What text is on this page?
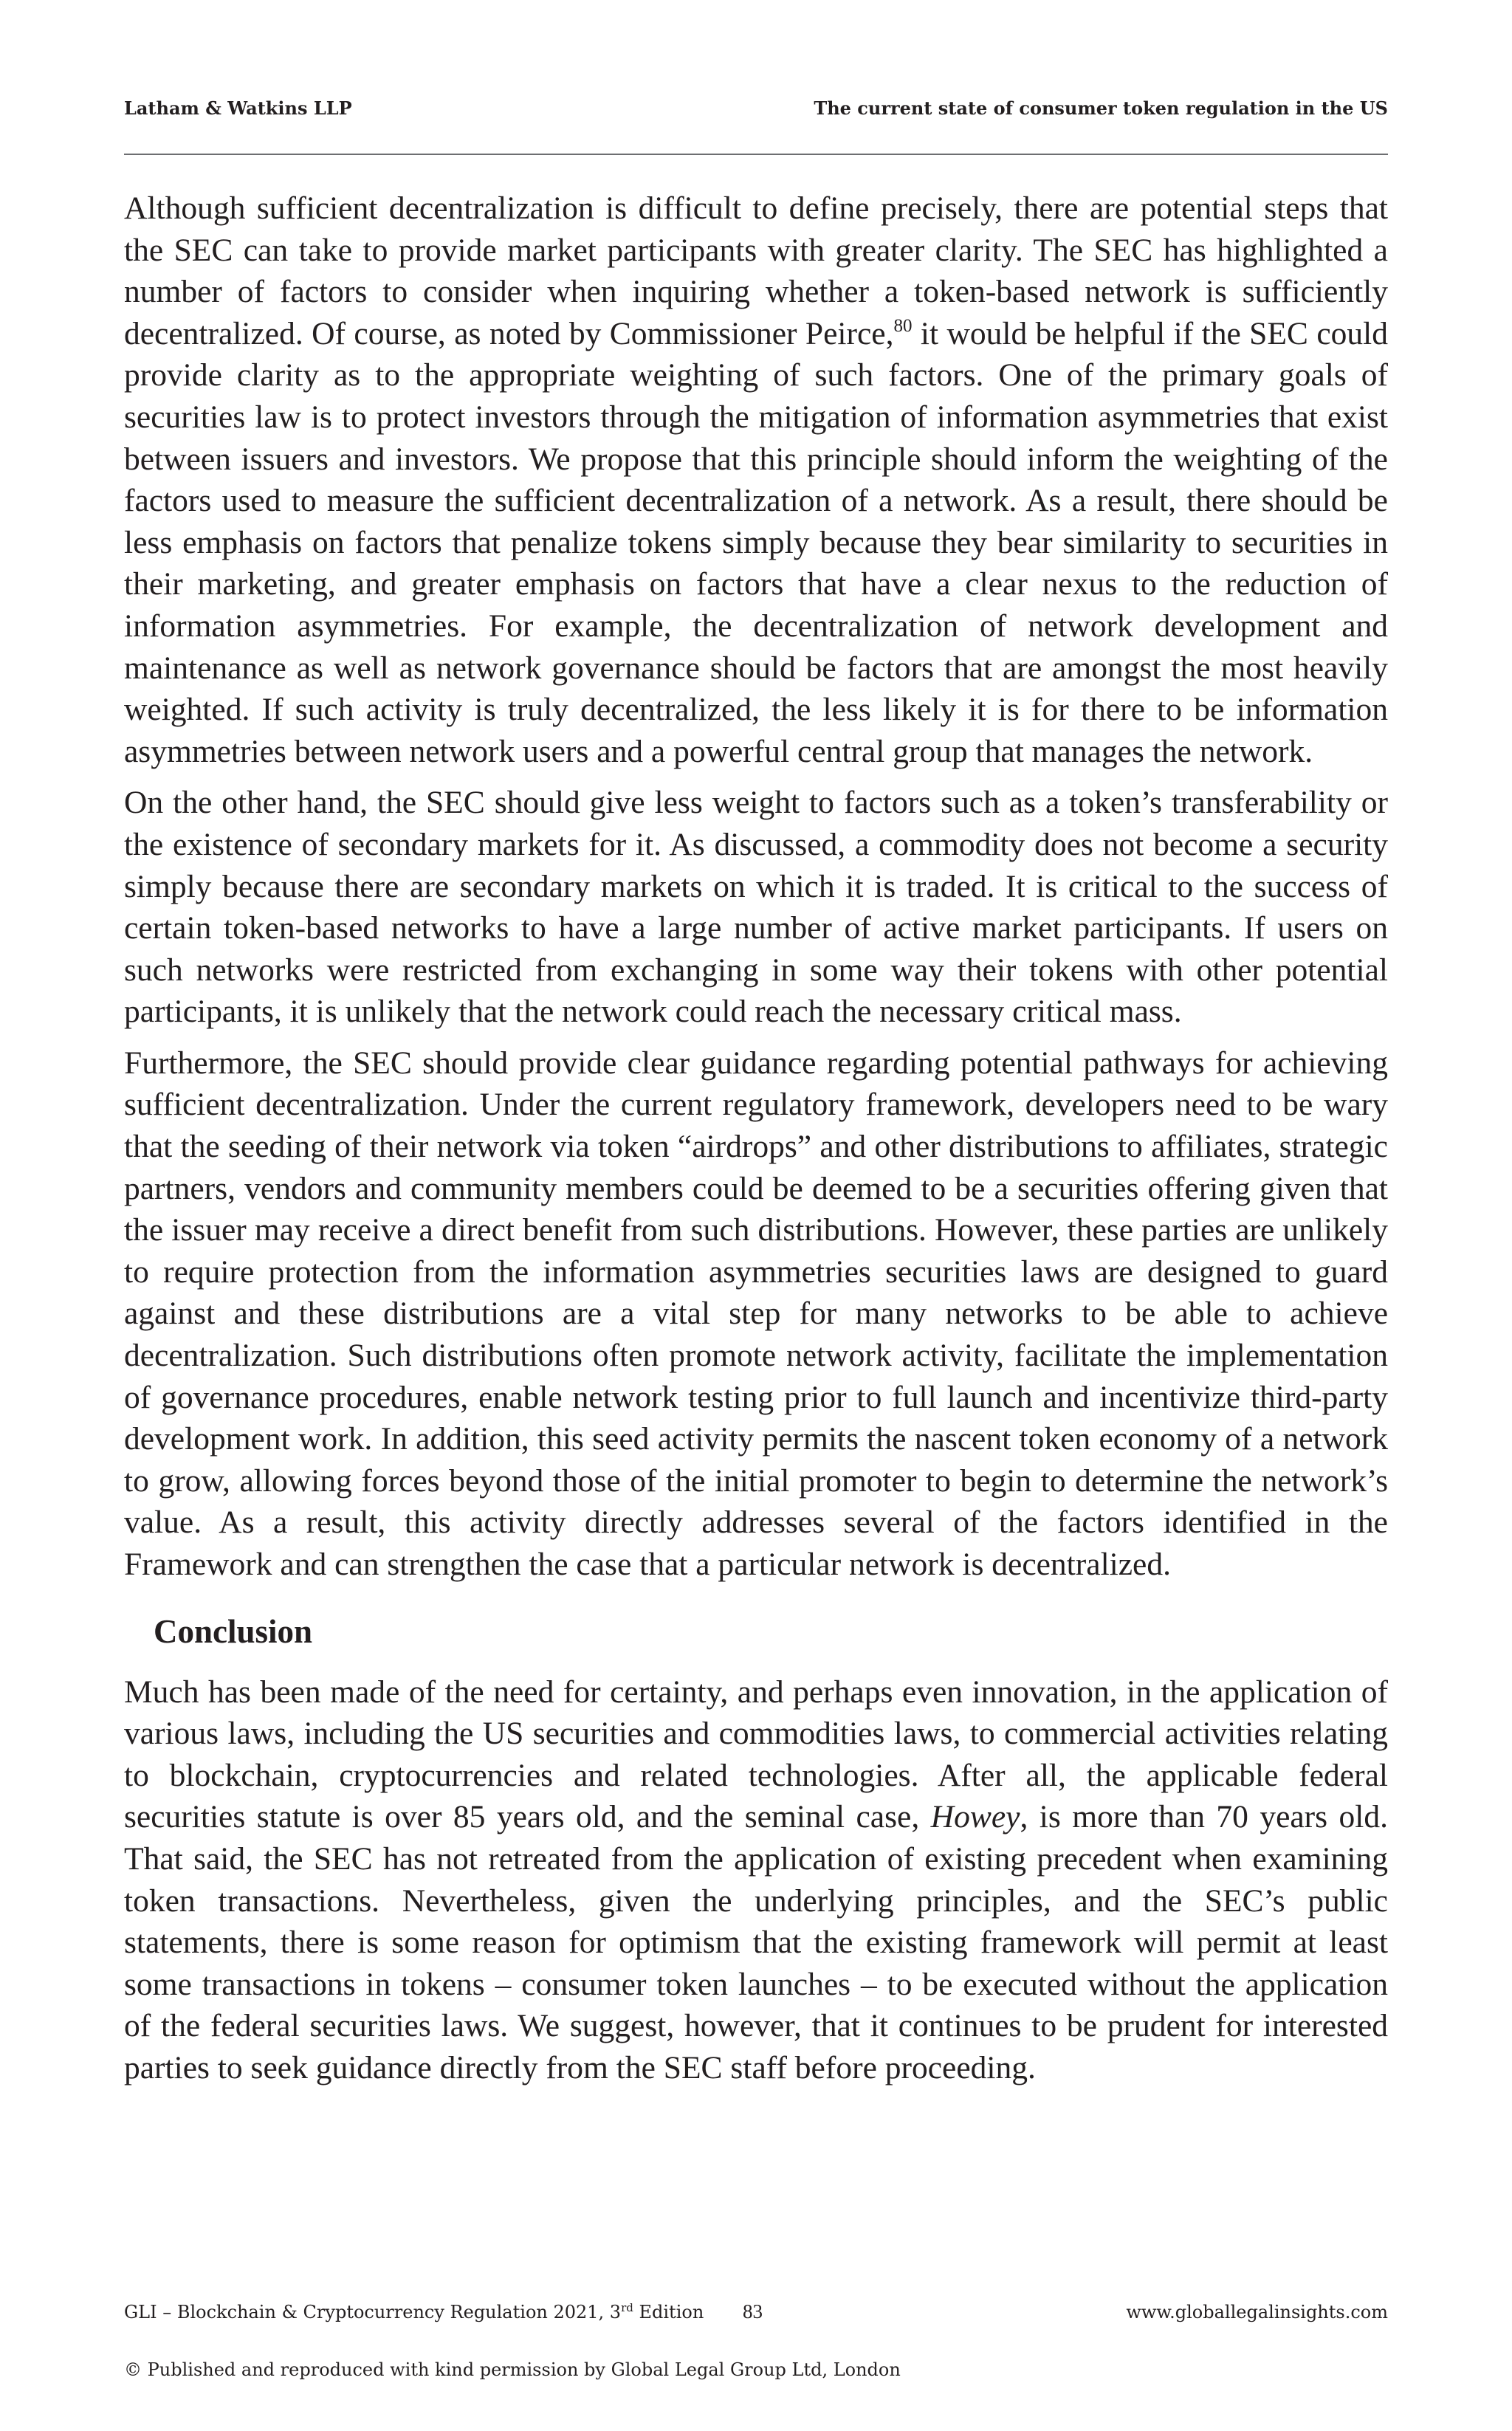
Latham & Watkins LLP	The current state of consumer token regulation in the US

Although sufficient decentralization is difficult to define precisely, there are potential steps that the SEC can take to provide market participants with greater clarity. The SEC has highlighted a number of factors to consider when inquiring whether a token-based network is sufficiently decentralized. Of course, as noted by Commissioner Peirce,$^{80}$ it would be helpful if the SEC could provide clarity as to the appropriate weighting of such factors. One of the primary goals of securities law is to protect investors through the mitigation of information asymmetries that exist between issuers and investors. We propose that this principle should inform the weighting of the factors used to measure the sufficient decentralization of a network. As a result, there should be less emphasis on factors that penalize tokens simply because they bear similarity to securities in their marketing, and greater emphasis on factors that have a clear nexus to the reduction of information asymmetries. For example, the decentralization of network development and maintenance as well as network governance should be factors that are amongst the most heavily weighted. If such activity is truly decentralized, the less likely it is for there to be information asymmetries between network users and a powerful central group that manages the network.

On the other hand, the SEC should give less weight to factors such as a token’s transferability or the existence of secondary markets for it. As discussed, a commodity does not become a security simply because there are secondary markets on which it is traded. It is critical to the success of certain token-based networks to have a large number of active market participants. If users on such networks were restricted from exchanging in some way their tokens with other potential participants, it is unlikely that the network could reach the necessary critical mass.

Furthermore, the SEC should provide clear guidance regarding potential pathways for achieving sufficient decentralization. Under the current regulatory framework, developers need to be wary that the seeding of their network via token “airdrops” and other distributions to affiliates, strategic partners, vendors and community members could be deemed to be a securities offering given that the issuer may receive a direct benefit from such distributions. However, these parties are unlikely to require protection from the information asymmetries securities laws are designed to guard against and these distributions are a vital step for many networks to be able to achieve decentralization. Such distributions often promote network activity, facilitate the implementation of governance procedures, enable network testing prior to full launch and incentivize third-party development work. In addition, this seed activity permits the nascent token economy of a network to grow, allowing forces beyond those of the initial promoter to begin to determine the network’s value. As a result, this activity directly addresses several of the factors identified in the Framework and can strengthen the case that a particular network is decentralized.

Conclusion

Much has been made of the need for certainty, and perhaps even innovation, in the application of various laws, including the US securities and commodities laws, to commercial activities relating to blockchain, cryptocurrencies and related technologies. After all, the applicable federal securities statute is over 85 years old, and the seminal case, Howey, is more than 70 years old. That said, the SEC has not retreated from the application of existing precedent when examining token transactions. Nevertheless, given the underlying principles, and the SEC’s public statements, there is some reason for optimism that the existing framework will permit at least some transactions in tokens – consumer token launches – to be executed without the application of the federal securities laws. We suggest, however, that it continues to be prudent for interested parties to seek guidance directly from the SEC staff before proceeding.

GLI – Blockchain & Cryptocurrency Regulation 2021, 3rd Edition 83	www.globallegalinsights.com
© Published and reproduced with kind permission by Global Legal Group Ltd, London
